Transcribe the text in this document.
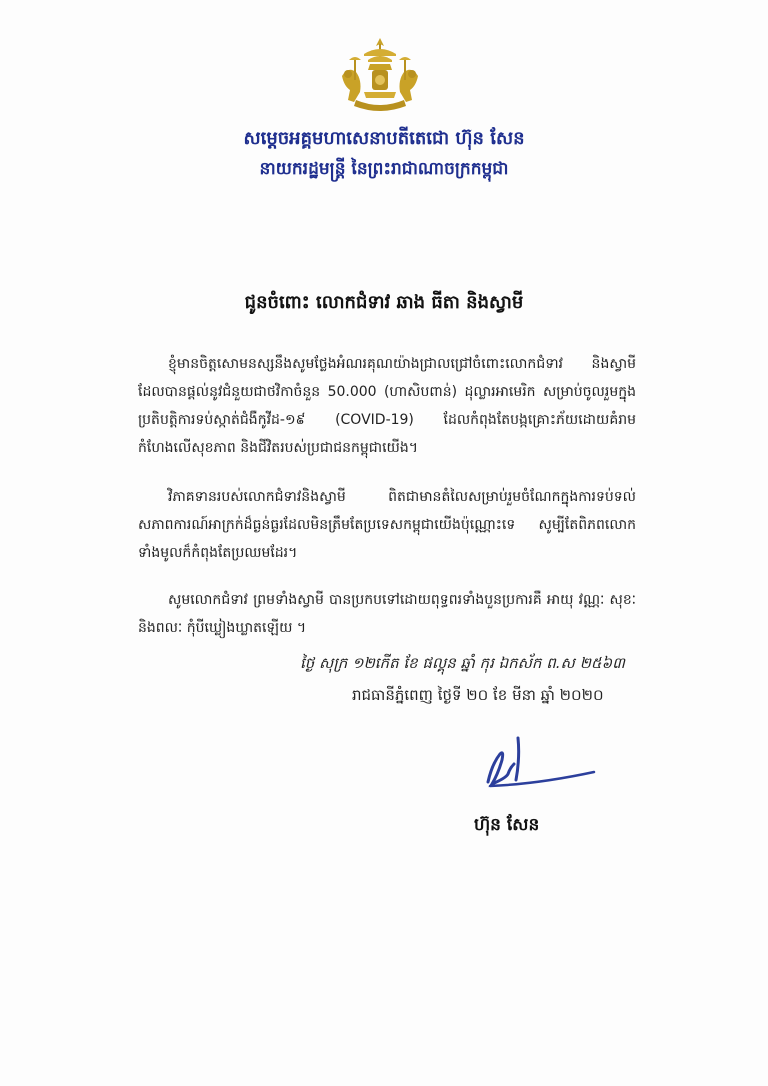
សម្តេចអគ្គមហាសេនាបតីតេជោ ហ៊ុន សែន
នាយករដ្ឋមន្ត្រី នៃព្រះរាជាណាចក្រកម្ពុជា
ជូនចំពោះ លោកជំទាវ ឆាង ធីតា និងស្វាមី
ខ្ញុំមានចិត្តសោមនស្សនឹងសូមថ្លែងអំណរគុណយ៉ាងជ្រាលជ្រៅចំពោះលោកជំទាវ និងស្វាមី ដែលបានផ្តល់នូវជំនួយជាថវិកាចំនួន 50.000 (ហាសិបពាន់) ដុល្លារអាមេរិក សម្រាប់ចូលរួមក្នុងប្រតិបត្តិការទប់ស្កាត់ជំងឺកូវីដ-១៩ (COVID-19) ដែលកំពុងតែបង្កគ្រោះភ័យដោយគំរាមកំហែងលើសុខភាព និងជីវិតរបស់ប្រជាជនកម្ពុជាយើង។
វិភាគទានរបស់លោកជំទាវនិងស្វាមី ពិតជាមានតំលៃសម្រាប់រួមចំណែកក្នុងការទប់ទល់ សភាពការណ៍អាក្រក់ដ៏ធ្ងន់ធ្ងរដែលមិនត្រឹមតែប្រទេសកម្ពុជាយើងប៉ុណ្ណោះទេ សូម្បីតែពិភពលោក ទាំងមូលក៏កំពុងតែប្រឈមដែរ។
សូមលោកជំទាវ ព្រមទាំងស្វាមី បានប្រកបទៅដោយពុទ្ធពរទាំងបួនប្រការគឺ អាយុ វណ្ណៈ សុខៈ និងពលៈ កុំបីឃ្លៀងឃ្លាតឡើយ ។
ថ្ងៃ សុក្រ ១២កើត ខែ ផល្គុន ឆ្នាំ កុរ ឯកស័ក ព.ស ២៥៦៣
រាជធានីភ្នំពេញ ថ្ងៃទី ២០ ខែ មីនា ឆ្នាំ ២០២០
ហ៊ុន សែន
